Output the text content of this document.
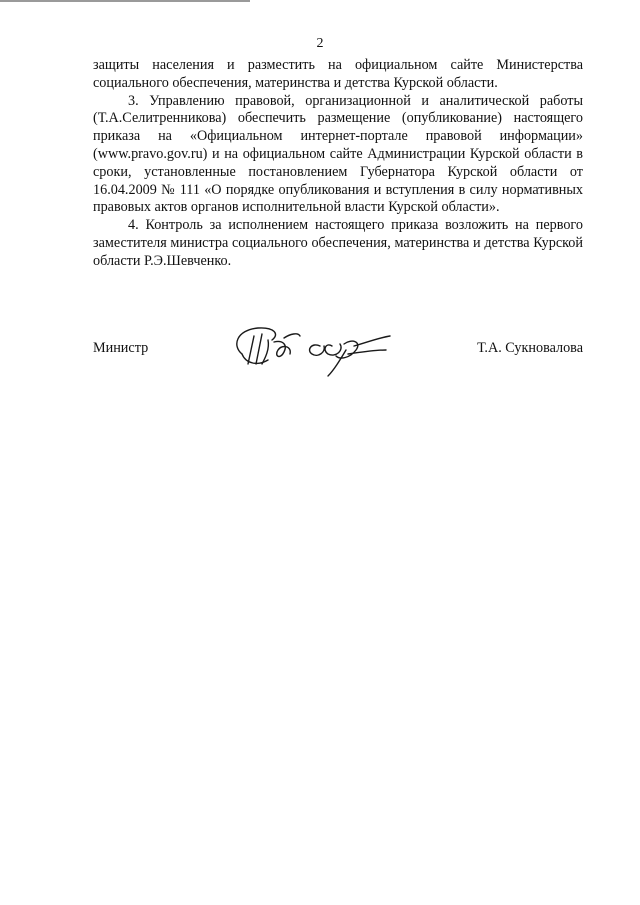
2

защиты населения и разместить на официальном сайте Министерства социального обеспечения, материнства и детства Курской области.

3. Управлению правовой, организационной и аналитической работы (Т.А.Селитренникова) обеспечить размещение (опубликование) настоящего приказа на «Официальном интернет-портале правовой информации» (www.pravo.gov.ru) и на официальном сайте Администрации Курской области в сроки, установленные постановлением Губернатора Курской области от 16.04.2009 № 111 «О порядке опубликования и вступления в силу нормативных правовых актов органов исполнительной власти Курской области».

4. Контроль за исполнением настоящего приказа возложить на первого заместителя министра социального обеспечения, материнства и детства Курской области Р.Э.Шевченко.

Министр	Т.А. Сукновалова
